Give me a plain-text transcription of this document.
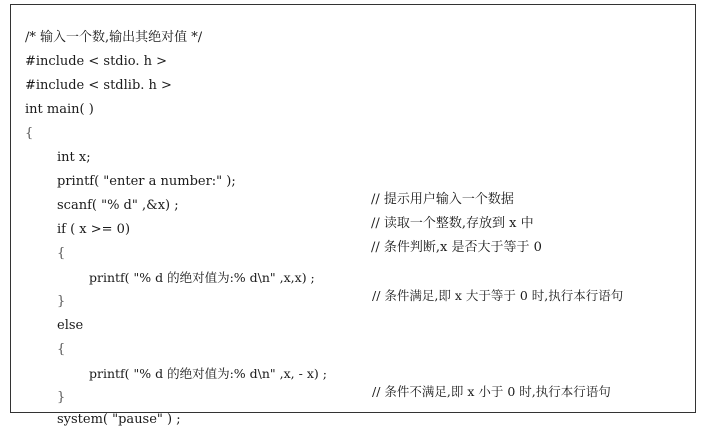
/* 输入一个数,输出其绝对值 */

#include < stdio. h >

#include < stdlib. h >

int main( )

{

int x;

printf( "enter a number:" );

// 提示用户输入一个数据

scanf( "% d" ,&x) ;

// 读取一个整数,存放到 x 中

if ( x >= 0)

// 条件判断,x 是否大于等于 0

{

printf( "% d 的绝对值为:% d\n" ,x,x) ;

// 条件满足,即 x 大于等于 0 时,执行本行语句

}

else

{

printf( "% d 的绝对值为:% d\n" ,x, - x) ;

// 条件不满足,即 x 小于 0 时,执行本行语句

}

system( "pause" ) ;
